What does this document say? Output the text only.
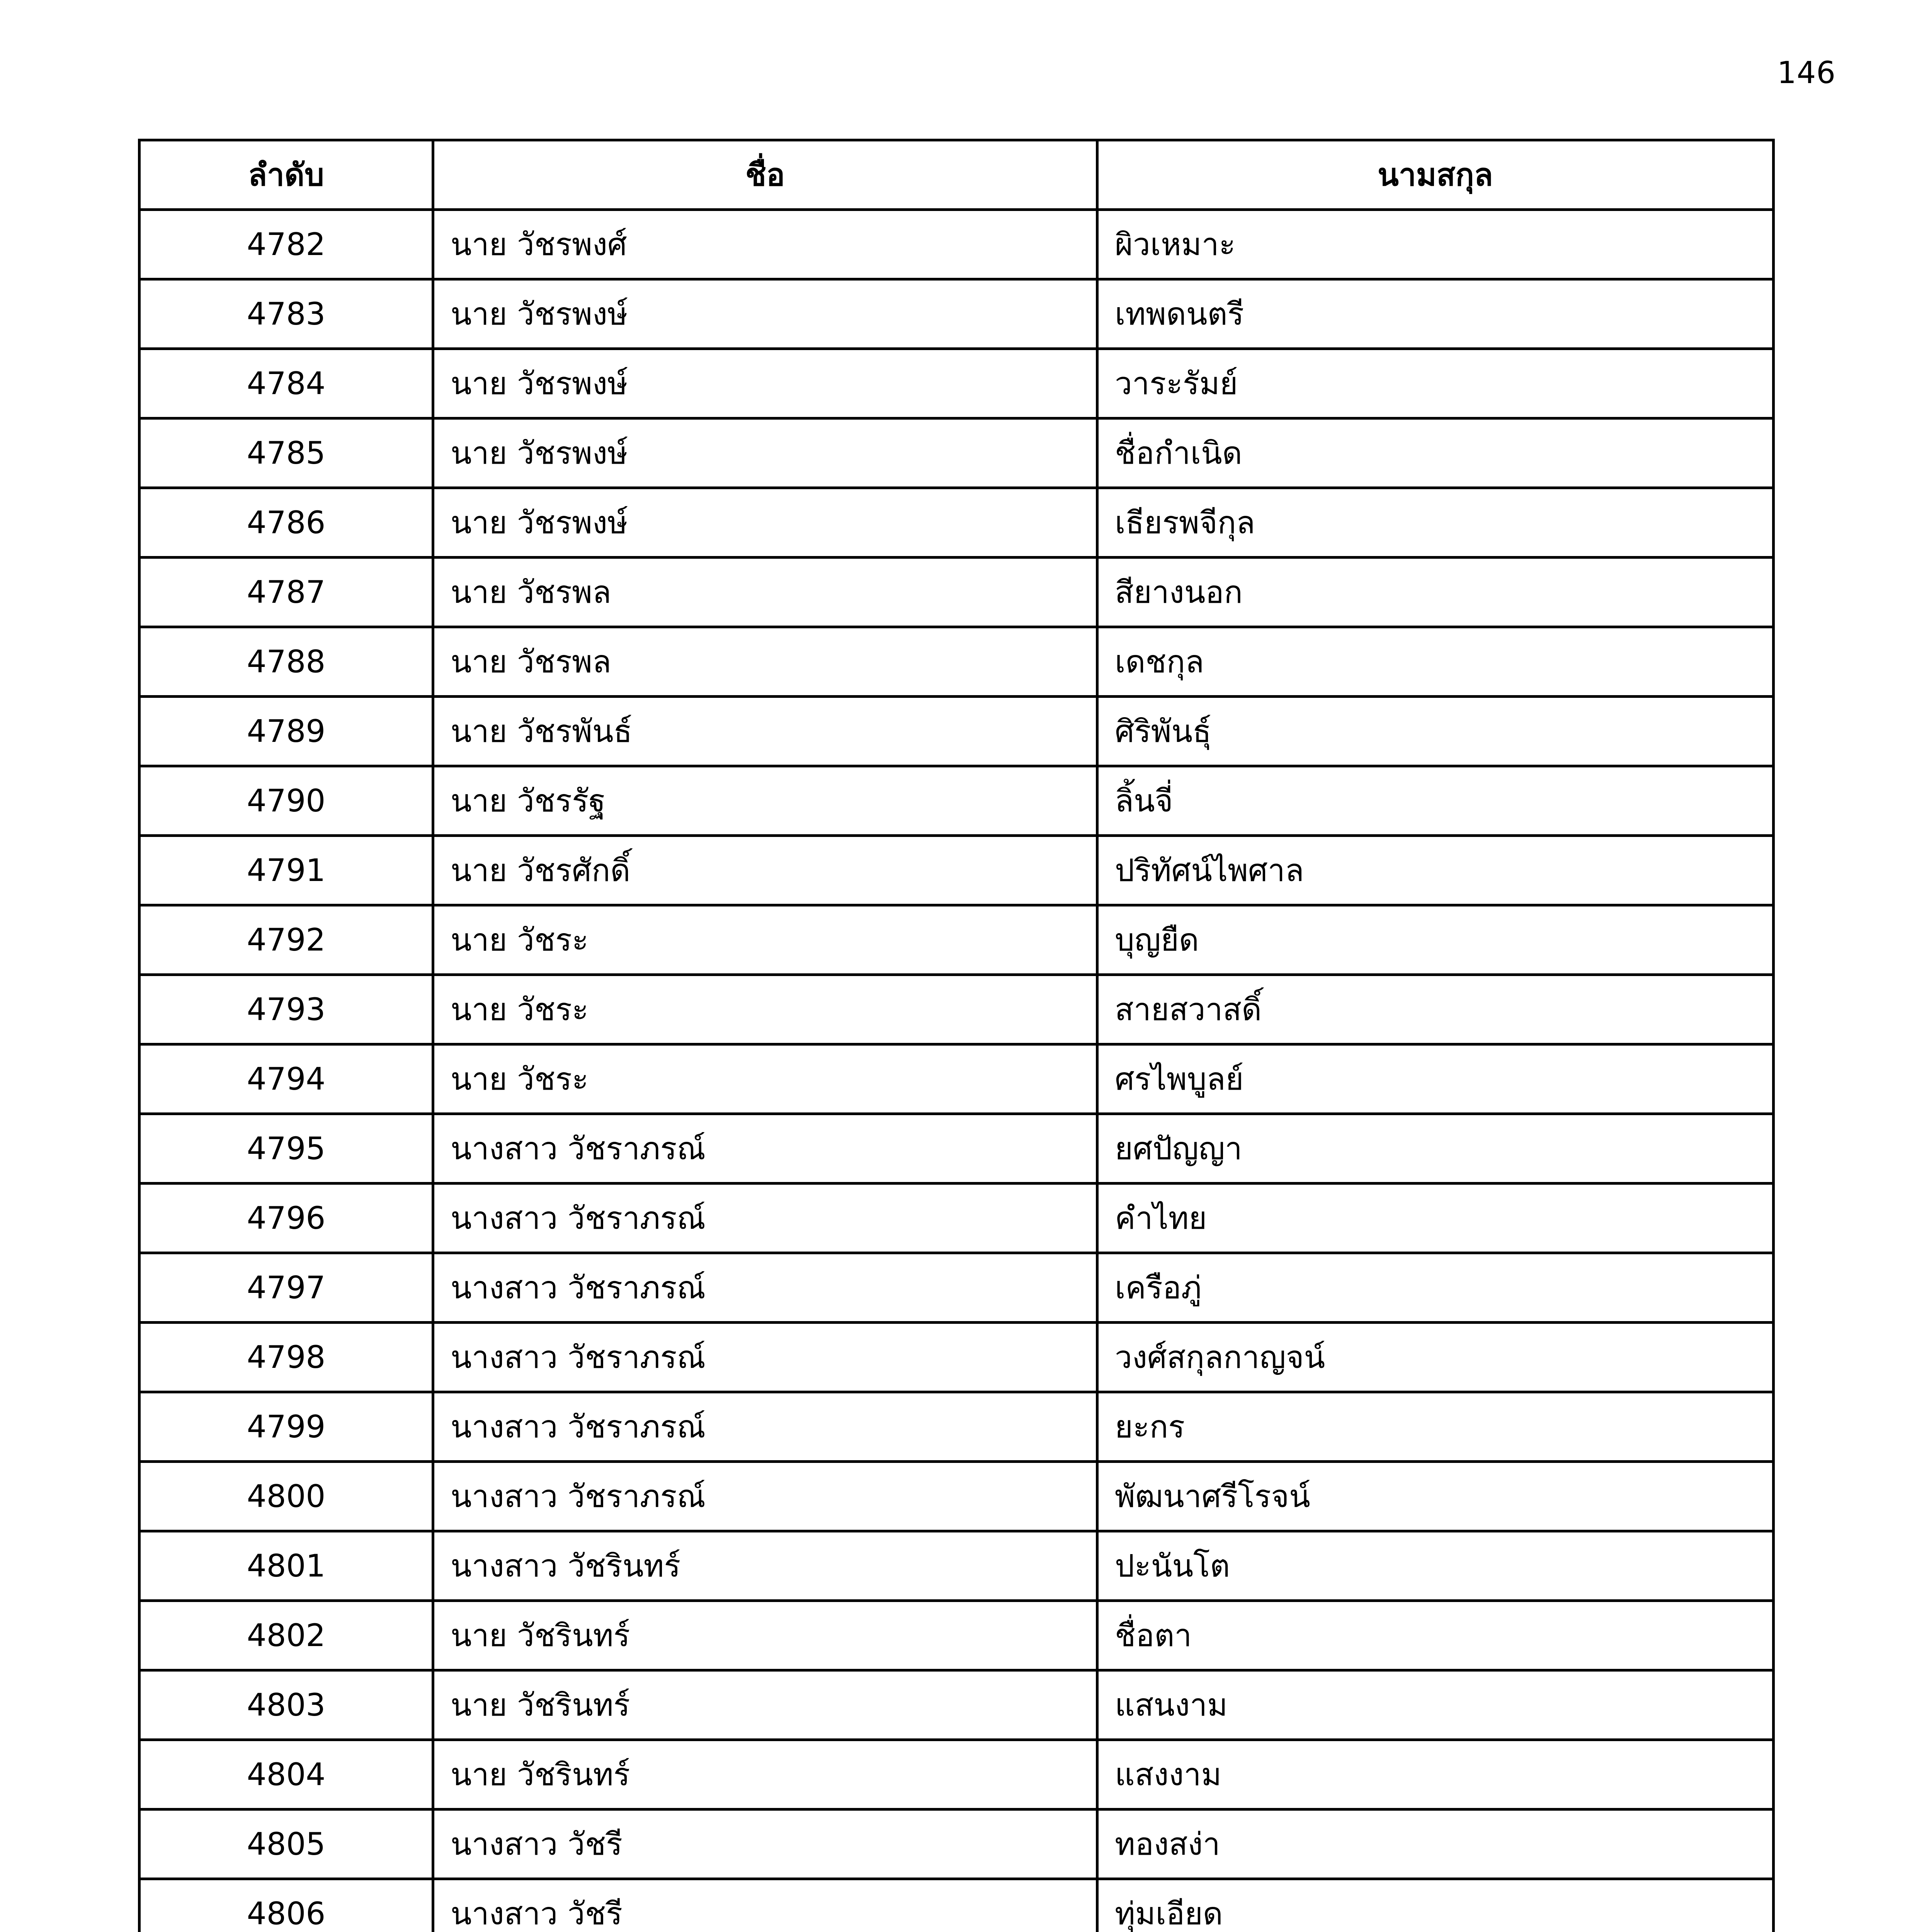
146
ลำดับ	ชื่อ	นามสกุล
4782	นาย วัชรพงศ์	ผิวเหมาะ
4783	นาย วัชรพงษ์	เทพดนตรี
4784	นาย วัชรพงษ์	วาระรัมย์
4785	นาย วัชรพงษ์	ชื่อกำเนิด
4786	นาย วัชรพงษ์	เธียรพจีกุล
4787	นาย วัชรพล	สียางนอก
4788	นาย วัชรพล	เดชกุล
4789	นาย วัชรพันธ์	ศิริพันธุ์
4790	นาย วัชรรัฐ	ลิ้นจี่
4791	นาย วัชรศักดิ์	ปริทัศน์ไพศาล
4792	นาย วัชระ	บุญยืด
4793	นาย วัชระ	สายสวาสดิ์
4794	นาย วัชระ	ศรไพบูลย์
4795	นางสาว วัชราภรณ์	ยศปัญญา
4796	นางสาว วัชราภรณ์	คำไทย
4797	นางสาว วัชราภรณ์	เครือภู่
4798	นางสาว วัชราภรณ์	วงศ์สกุลกาญจน์
4799	นางสาว วัชราภรณ์	ยะกร
4800	นางสาว วัชราภรณ์	พัฒนาศรีโรจน์
4801	นางสาว วัชรินทร์	ปะนันโต
4802	นาย วัชรินทร์	ชื่อตา
4803	นาย วัชรินทร์	แสนงาม
4804	นาย วัชรินทร์	แสงงาม
4805	นางสาว วัชรี	ทองสง่า
4806	นางสาว วัชรี	ทุ่มเอียด
